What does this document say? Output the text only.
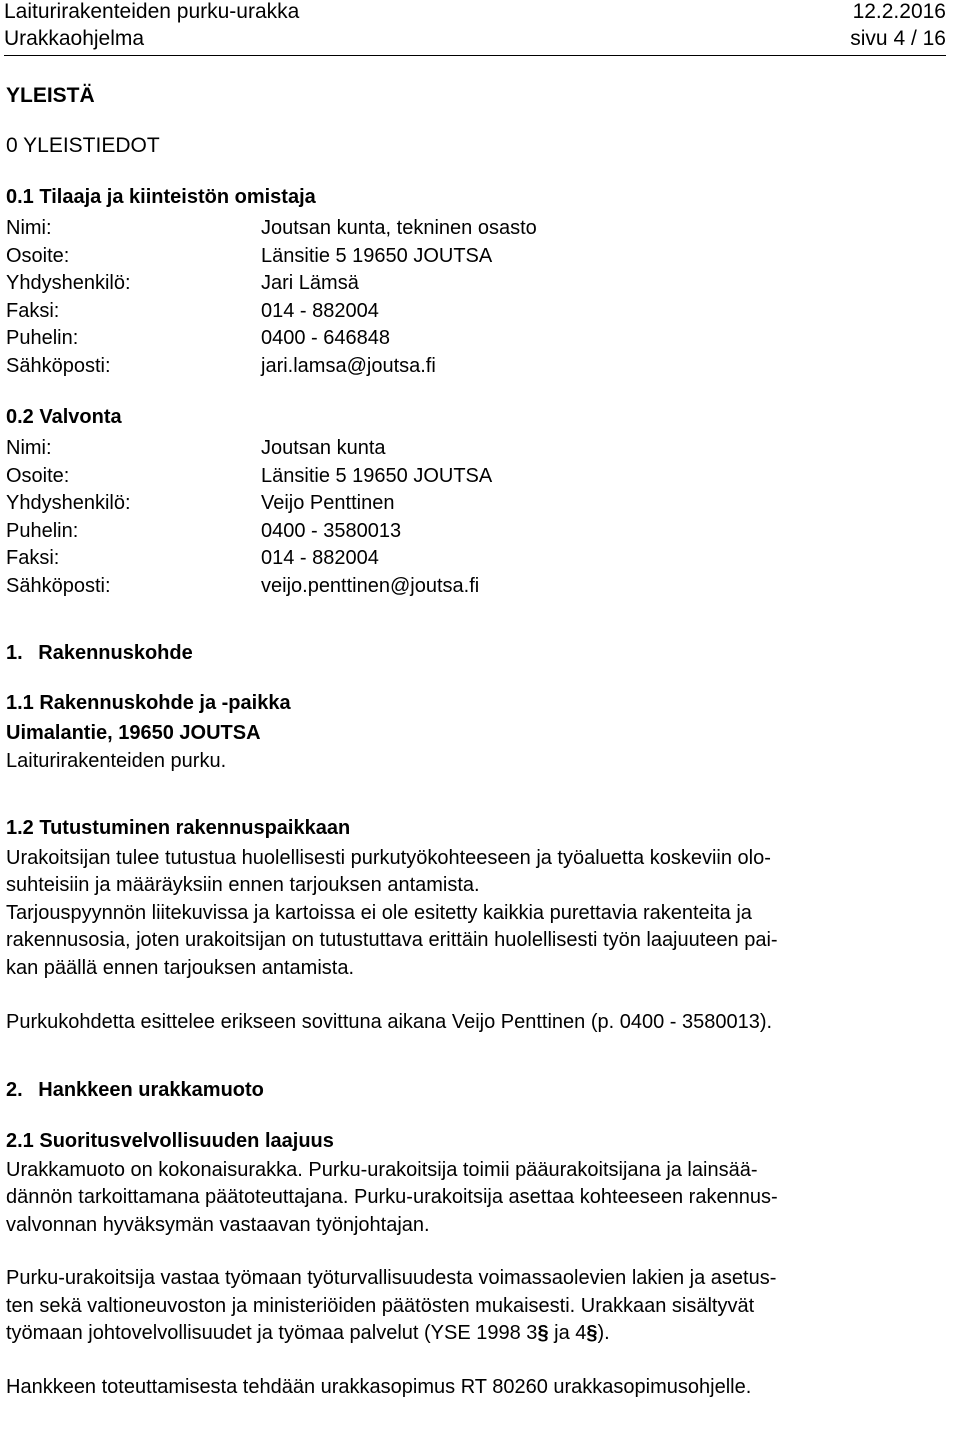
Laiturirakenteiden purku-urakka	12.2.2016
Urakkaohjelma	sivu 4 / 16
YLEISTÄ
0 YLEISTIEDOT
0.1 Tilaaja ja kiinteistön omistaja
Nimi:	Joutsan kunta, tekninen osasto
Osoite:	Länsitie 5 19650 JOUTSA
Yhdyshenkilö:	Jari Lämsä
Faksi:	014 - 882004
Puhelin:	0400 - 646848
Sähköposti:	jari.lamsa@joutsa.fi
0.2 Valvonta
Nimi:	Joutsan kunta
Osoite:	Länsitie 5 19650 JOUTSA
Yhdyshenkilö:	Veijo Penttinen
Puhelin:	0400 - 3580013
Faksi:	014 - 882004
Sähköposti:	veijo.penttinen@joutsa.fi
1. Rakennuskohde
1.1 Rakennuskohde ja -paikka
Uimalantie, 19650 JOUTSA

Laiturirakenteiden purku.

1.2 Tutustuminen rakennuspaikkaan

Urakoitsijan tulee tutustua huolellisesti purkutyökohteeseen ja työaluetta koskeviin olo-

suhteisiin ja määräyksiin ennen tarjouksen antamista.

Tarjouspyynnön liitekuvissa ja kartoissa ei ole esitetty kaikkia purettavia rakenteita ja

rakennusosia, joten urakoitsijan on tutustuttava erittäin huolellisesti työn laajuuteen pai-

kan päällä ennen tarjouksen antamista.

Purkukohdetta esittelee erikseen sovittuna aikana Veijo Penttinen (p. 0400 - 3580013).

2. Hankkeen urakkamuoto
2.1 Suoritusvelvollisuuden laajuus

Urakkamuoto on kokonaisurakka. Purku-urakoitsija toimii pääurakoitsijana ja lainsää-

dännön tarkoittamana päätoteuttajana. Purku-urakoitsija asettaa kohteeseen rakennus-

valvonnan hyväksymän vastaavan työnjohtajan.

Purku-urakoitsija vastaa työmaan työturvallisuudesta voimassaolevien lakien ja asetus-

ten sekä valtioneuvoston ja ministeriöiden päätösten mukaisesti. Urakkaan sisältyvät

työmaan johtovelvollisuudet ja työmaa palvelut (YSE 1998 3§ ja 4§).

Hankkeen toteuttamisesta tehdään urakkasopimus RT 80260 urakkasopimusohjelle.
